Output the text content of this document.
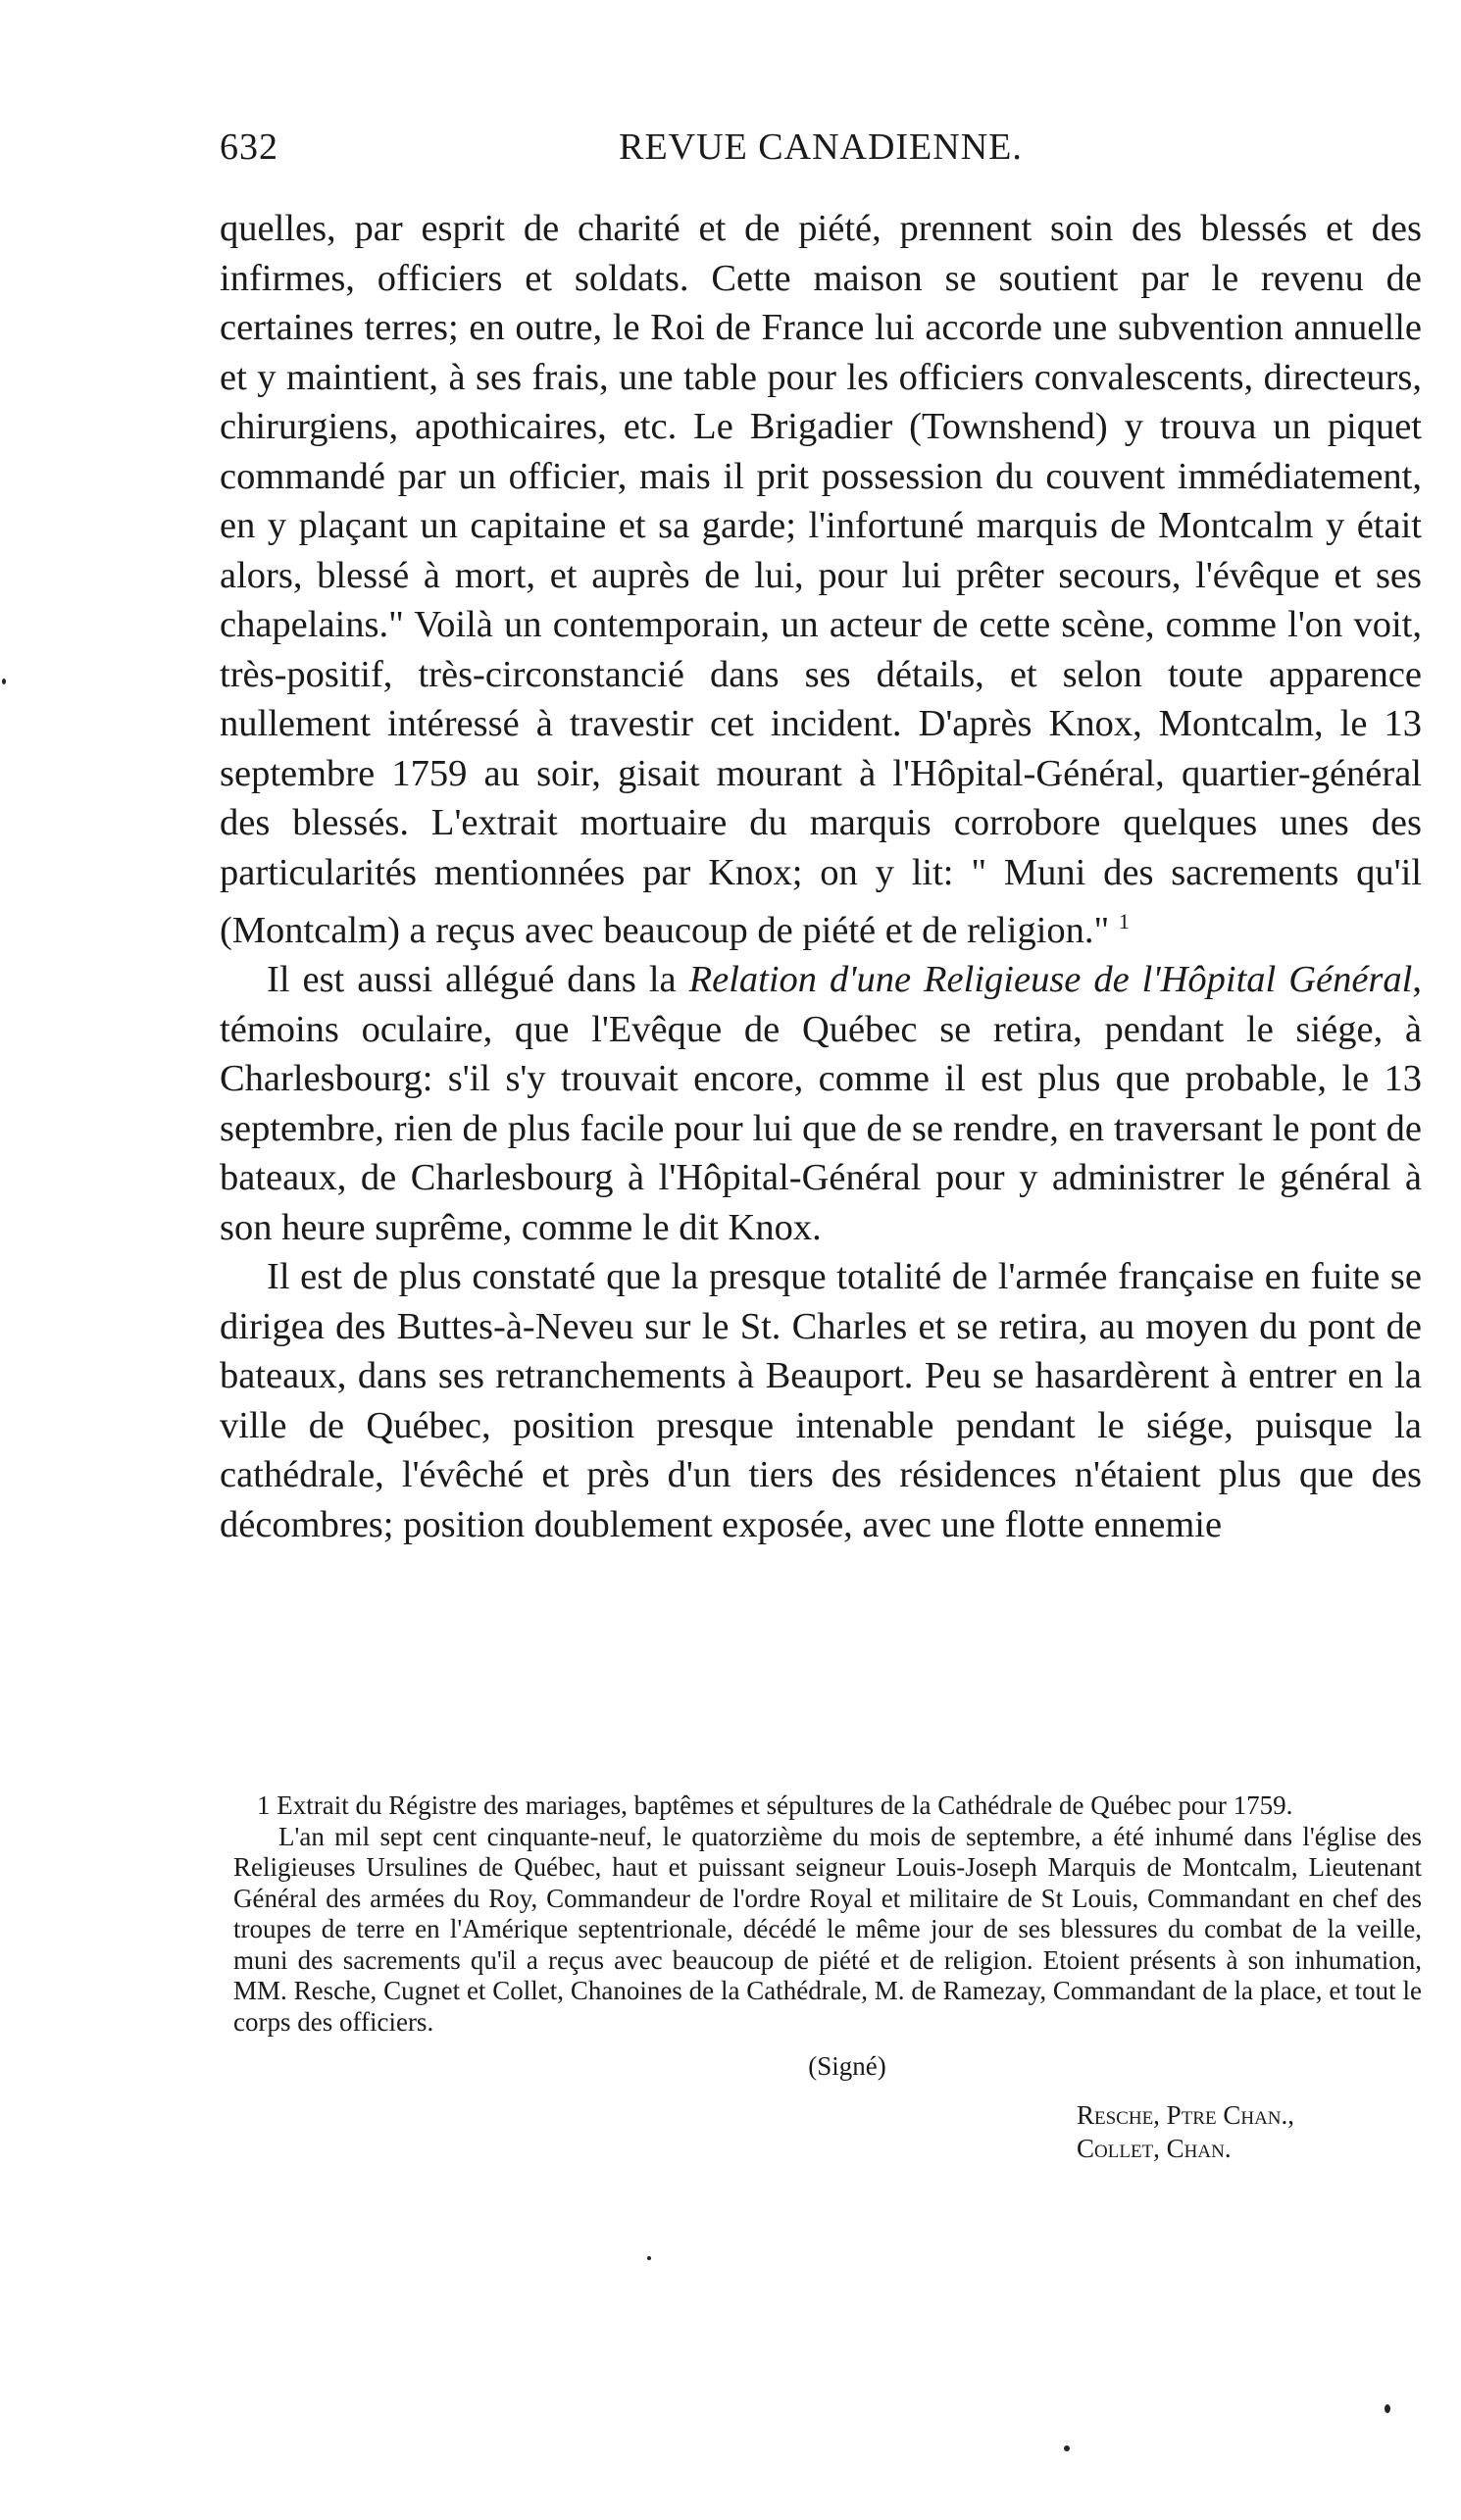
632	REVUE CANADIENNE.

quelles, par esprit de charité et de piété, prennent soin des blessés et des infirmes, officiers et soldats. Cette maison se soutient par le revenu de certaines terres; en outre, le Roi de France lui accorde une subvention annuelle et y maintient, à ses frais, une table pour les officiers convalescents, directeurs, chirurgiens, apothicaires, etc. Le Brigadier (Townshend) y trouva un piquet commandé par un officier, mais il prit possession du couvent immédiatement, en y plaçant un capitaine et sa garde; l'infortuné marquis de Montcalm y était alors, blessé à mort, et auprès de lui, pour lui prêter secours, l'évêque et ses chapelains." Voilà un contemporain, un acteur de cette scène, comme l'on voit, très-positif, très-circonstancié dans ses détails, et selon toute apparence nullement intéressé à travestir cet incident. D'après Knox, Montcalm, le 13 septembre 1759 au soir, gisait mourant à l'Hôpital-Général, quartier-général des blessés. L'extrait mortuaire du marquis corrobore quelques unes des particularités mentionnées par Knox; on y lit: " Muni des sacrements qu'il (Montcalm) a reçus avec beaucoup de piété et de religion." $^1$

Il est aussi allégué dans la Relation d'une Religieuse de l'Hôpital Général, témoins oculaire, que l'Evêque de Québec se retira, pendant le siége, à Charlesbourg: s'il s'y trouvait encore, comme il est plus que probable, le 13 septembre, rien de plus facile pour lui que de se rendre, en traversant le pont de bateaux, de Charlesbourg à l'Hôpital-Général pour y administrer le général à son heure suprême, comme le dit Knox.

Il est de plus constaté que la presque totalité de l'armée française en fuite se dirigea des Buttes-à-Neveu sur le St. Charles et se retira, au moyen du pont de bateaux, dans ses retranchements à Beauport. Peu se hasardèrent à entrer en la ville de Québec, position presque intenable pendant le siége, puisque la cathédrale, l'évêché et près d'un tiers des résidences n'étaient plus que des décombres; position doublement exposée, avec une flotte ennemie

1 Extrait du Régistre des mariages, baptêmes et sépultures de la Cathédrale de Québec pour 1759.

L'an mil sept cent cinquante-neuf, le quatorzième du mois de septembre, a été inhumé dans l'église des Religieuses Ursulines de Québec, haut et puissant seigneur Louis-Joseph Marquis de Montcalm, Lieutenant Général des armées du Roy, Commandeur de l'ordre Royal et militaire de St Louis, Commandant en chef des troupes de terre en l'Amérique septentrionale, décédé le même jour de ses blessures du combat de la veille, muni des sacrements qu'il a reçus avec beaucoup de piété et de religion. Etoient présents à son inhumation, MM. Resche, Cugnet et Collet, Chanoines de la Cathédrale, M. de Ramezay, Commandant de la place, et tout le corps des officiers.

(Signé)

Resche, Ptre Chan.,
Collet, Chan.
